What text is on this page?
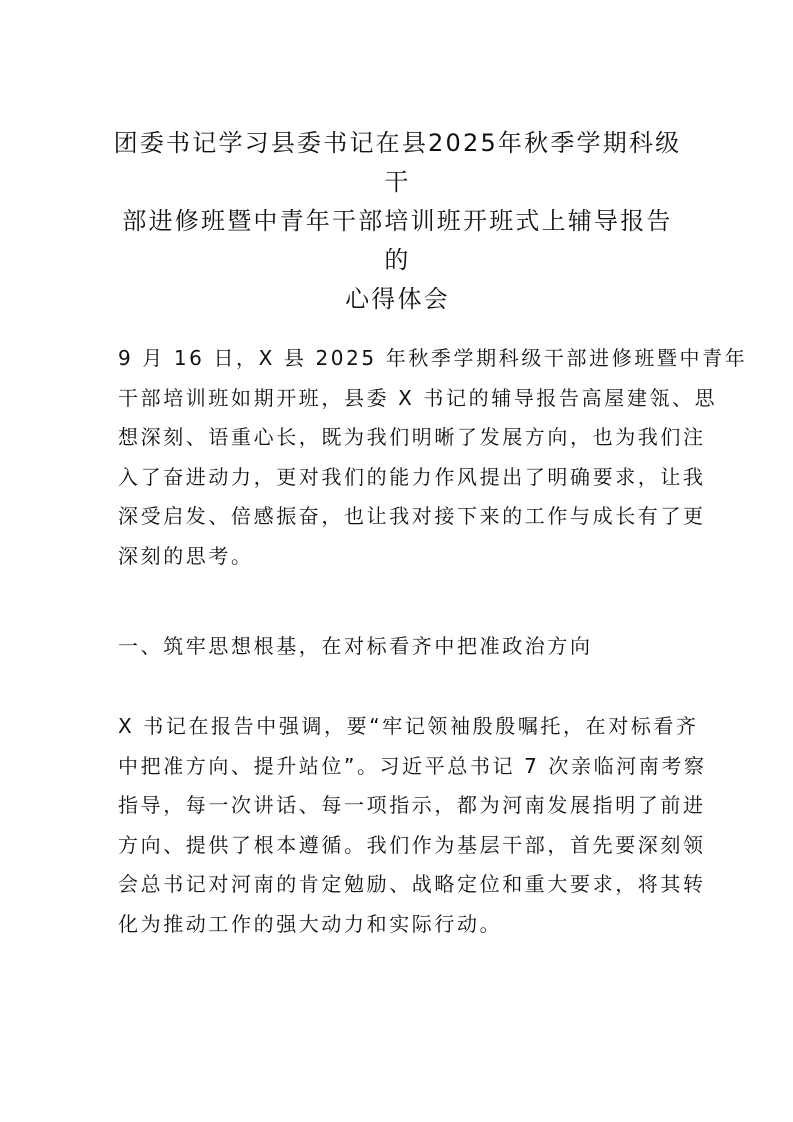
团委书记学习县委书记在县2025年秋季学期科级干
部进修班暨中青年干部培训班开班式上辅导报告的
心得体会

9 月 16 日，X 县 2025 年秋季学期科级干部进修班暨中青年
干部培训班如期开班，县委 X 书记的辅导报告高屋建瓴、思
想深刻、语重心长，既为我们明晰了发展方向，也为我们注
入了奋进动力，更对我们的能力作风提出了明确要求，让我
深受启发、倍感振奋，也让我对接下来的工作与成长有了更
深刻的思考。

一、筑牢思想根基，在对标看齐中把准政治方向

X 书记在报告中强调，要“牢记领袖殷殷嘱托，在对标看齐
中把准方向、提升站位”。习近平总书记 7 次亲临河南考察
指导，每一次讲话、每一项指示，都为河南发展指明了前进
方向、提供了根本遵循。我们作为基层干部，首先要深刻领
会总书记对河南的肯定勉励、战略定位和重大要求，将其转
化为推动工作的强大动力和实际行动。
